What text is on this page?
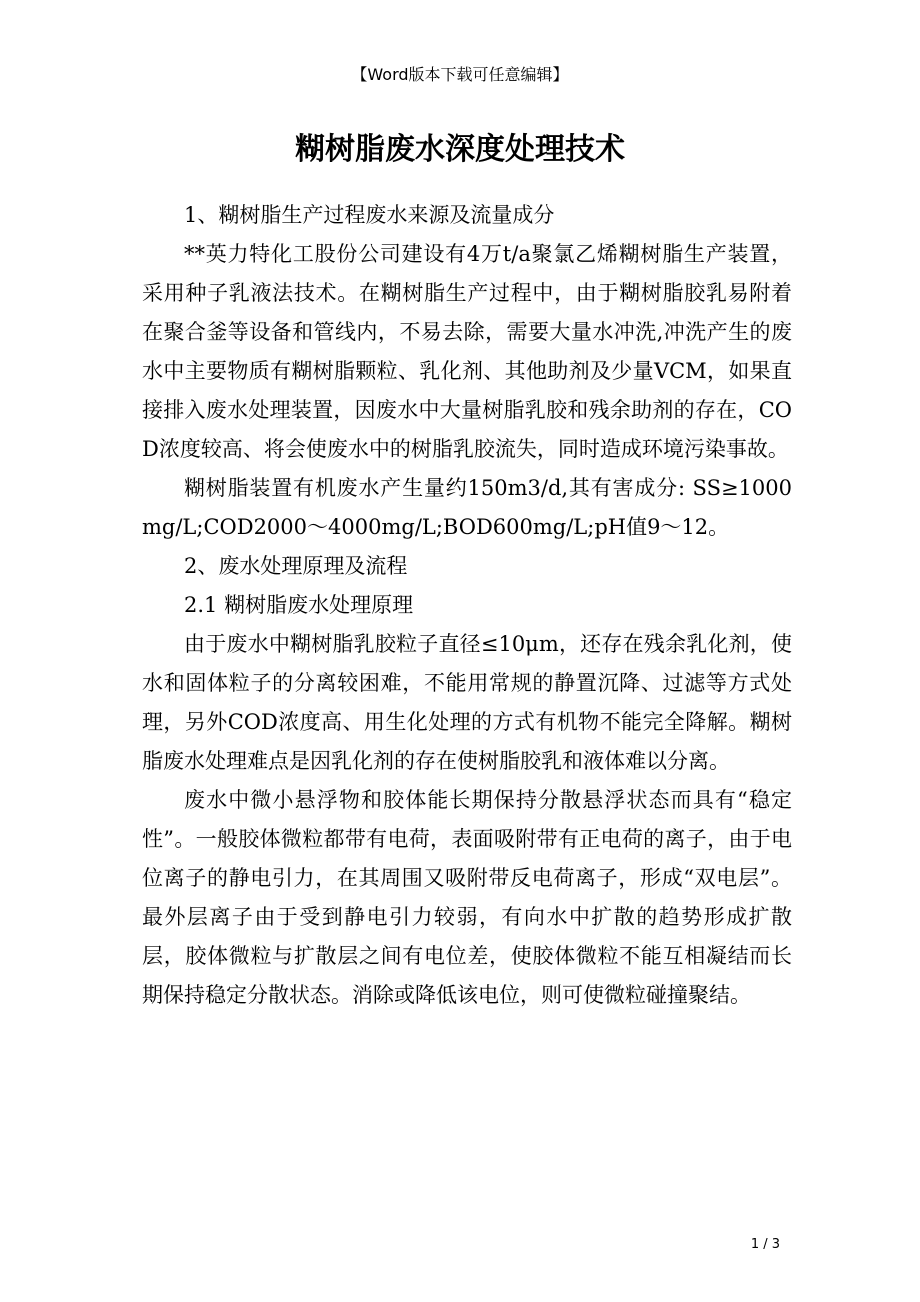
【Word版本下载可任意编辑】
糊树脂废水深度处理技术

1、糊树脂生产过程废水来源及流量成分

**英力特化工股份公司建设有4万t/a聚氯乙烯糊树脂生产装置，采用种子乳液法技术。在糊树脂生产过程中，由于糊树脂胶乳易附着在聚合釜等设备和管线内，不易去除，需要大量水冲洗,冲洗产生的废水中主要物质有糊树脂颗粒、乳化剂、其他助剂及少量VCM，如果直接排入废水处理装置，因废水中大量树脂乳胶和残余助剂的存在，COD浓度较高、将会使废水中的树脂乳胶流失，同时造成环境污染事故。

糊树脂装置有机废水产生量约150m3/d,其有害成分: SS≥1000mg/L;COD2000～4000mg/L;BOD600mg/L;pH值9～12。

2、废水处理原理及流程

2.1 糊树脂废水处理原理

由于废水中糊树脂乳胶粒子直径≤10μm，还存在残余乳化剂，使水和固体粒子的分离较困难，不能用常规的静置沉降、过滤等方式处理，另外COD浓度高、用生化处理的方式有机物不能完全降解。糊树脂废水处理难点是因乳化剂的存在使树脂胶乳和液体难以分离。

废水中微小悬浮物和胶体能长期保持分散悬浮状态而具有“稳定性”。一般胶体微粒都带有电荷，表面吸附带有正电荷的离子，由于电位离子的静电引力，在其周围又吸附带反电荷离子，形成“双电层”。最外层离子由于受到静电引力较弱，有向水中扩散的趋势形成扩散层，胶体微粒与扩散层之间有电位差，使胶体微粒不能互相凝结而长期保持稳定分散状态。消除或降低该电位，则可使微粒碰撞聚结。

1 / 3
